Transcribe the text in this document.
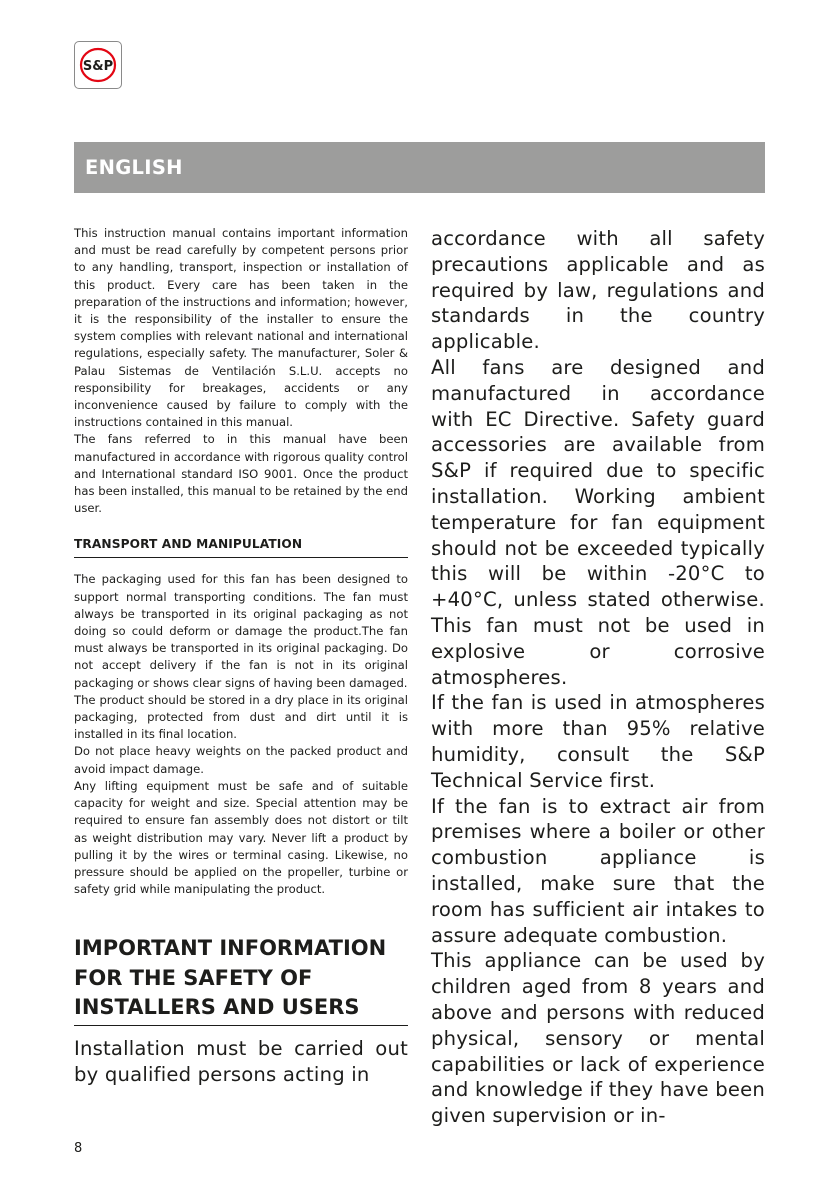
S&P
ENGLISH

This instruction manual contains important information and must be read carefully by competent persons prior to any handling, transport, inspection or installation of this product. Every care has been taken in the preparation of the instructions and information; however, it is the responsibility of the installer to ensure the system complies with relevant national and international regulations, especially safety. The manufacturer, Soler & Palau Sistemas de Ventilación S.L.U. accepts no responsibility for breakages, accidents or any inconvenience caused by failure to comply with the instructions contained in this manual.

The fans referred to in this manual have been manufactured in accordance with rigorous quality control and International standard ISO 9001. Once the product has been installed, this manual to be retained by the end user.

TRANSPORT AND MANIPULATION

The packaging used for this fan has been designed to support normal transporting conditions. The fan must always be transported in its original packaging as not doing so could deform or damage the product.The fan must always be transported in its original packaging. Do not accept delivery if the fan is not in its original packaging or shows clear signs of having been damaged.

The product should be stored in a dry place in its original packaging, protected from dust and dirt until it is installed in its final location.

Do not place heavy weights on the packed product and avoid impact damage.

Any lifting equipment must be safe and of suitable capacity for weight and size. Special attention may be required to ensure fan assembly does not distort or tilt as weight distribution may vary. Never lift a product by pulling it by the wires or terminal casing. Likewise, no pressure should be applied on the propeller, turbine or safety grid while manipulating the product.

IMPORTANT INFORMATION
FOR THE SAFETY OF
INSTALLERS AND USERS

Installation must be carried out by qualified persons acting in

accordance with all safety precautions applicable and as required by law, regulations and standards in the country applicable.

All fans are designed and manufactured in accordance with EC Directive. Safety guard accessories are available from S&P if required due to specific installation. Working ambient temperature for fan equipment should not be exceeded typically this will be within -20°C to +40°C, unless stated otherwise. This fan must not be used in explosive or corrosive atmospheres.

If the fan is used in atmospheres with more than 95% relative humidity, consult the S&P Technical Service first.

If the fan is to extract air from premises where a boiler or other combustion appliance is installed, make sure that the room has sufficient air intakes to assure adequate combustion.

This appliance can be used by children aged from 8 years and above and persons with reduced physical, sensory or mental capabilities or lack of experience and knowledge if they have been given supervision or in-

8
